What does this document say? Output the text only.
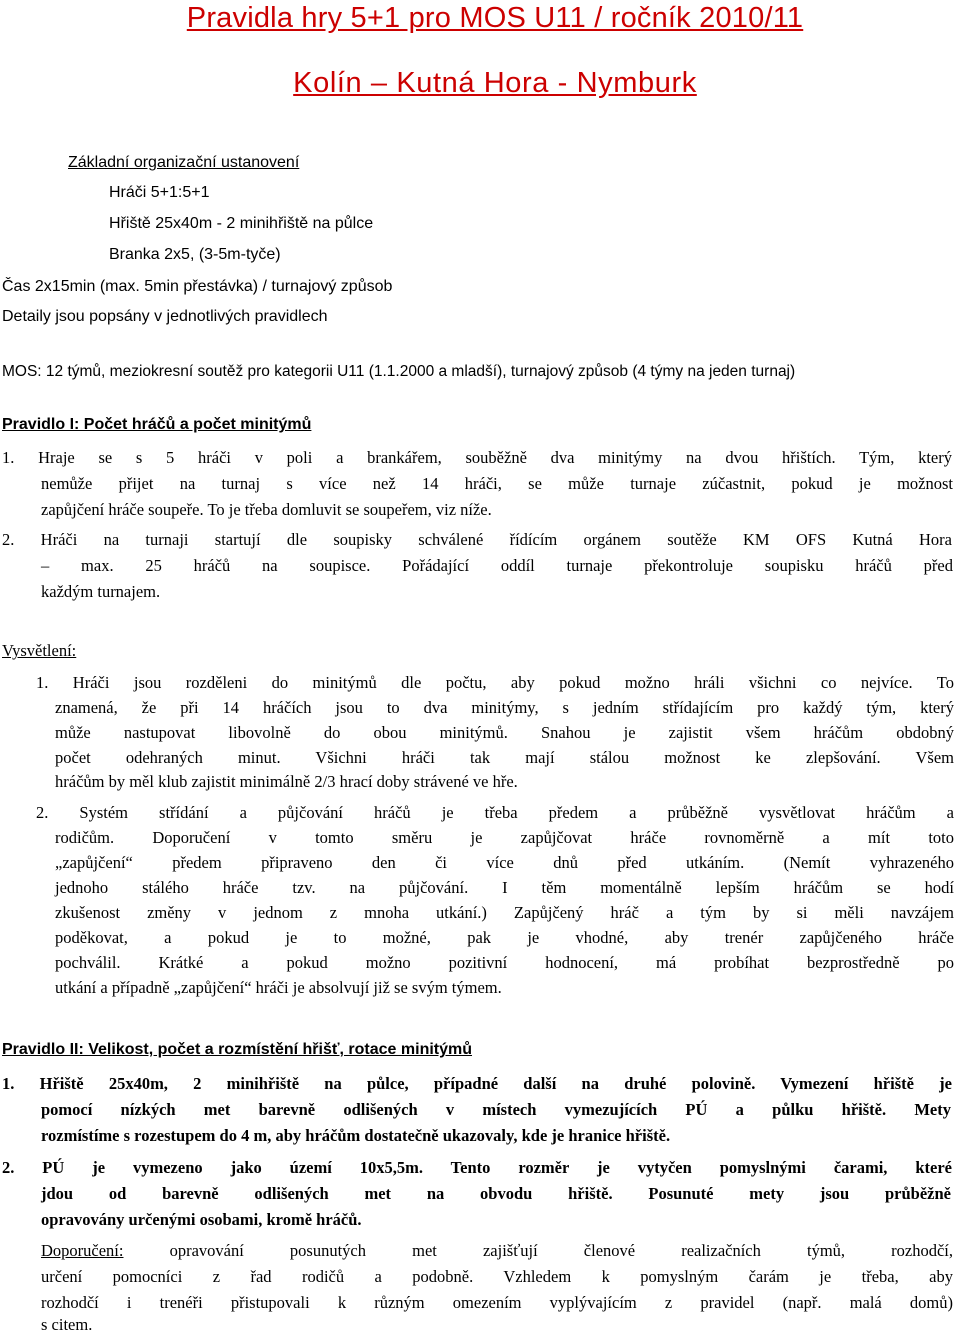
Pravidla hry 5+1 pro MOS U11 / ročník 2010/11
Kolín – Kutná Hora - Nymburk
Základní organizační ustanovení
Hráči 5+1:5+1
Hřiště 25x40m - 2 minihřiště na půlce
Branka 2x5, (3-5m-tyče)
Čas 2x15min (max. 5min přestávka) / turnajový způsob
Detaily jsou popsány v jednotlivých pravidlech
MOS: 12 týmů, meziokresní soutěž pro kategorii U11 (1.1.2000 a mladší), turnajový způsob (4 týmy na jeden turnaj)
Pravidlo I: Počet hráčů a počet minitýmů
1. Hraje se s 5 hráči v poli a brankářem, souběžně dva minitýmy na dvou hřištích. Tým, který
nemůže přijet na turnaj s více než 14 hráči, se může turnaje zúčastnit, pokud je možnost
zapůjčení hráče soupeře. To je třeba domluvit se soupeřem, viz níže.
2. Hráči na turnaji startují dle soupisky schválené řídícím orgánem soutěže KM OFS Kutná Hora
– max. 25 hráčů na soupisce. Pořádající oddíl turnaje překontroluje soupisku hráčů před
každým turnajem.
Vysvětlení:
1. Hráči jsou rozděleni do minitýmů dle počtu, aby pokud možno hráli všichni co nejvíce. To
znamená, že při 14 hráčích jsou to dva minitýmy, s jedním střídajícím pro každý tým, který
může nastupovat libovolně do obou minitýmů. Snahou je zajistit všem hráčům obdobný
počet odehraných minut. Všichni hráči tak mají stálou možnost ke zlepšování. Všem
hráčům by měl klub zajistit minimálně 2/3 hrací doby strávené ve hře.
2. Systém střídání a půjčování hráčů je třeba předem a průběžně vysvětlovat hráčům a
rodičům. Doporučení v tomto směru je zapůjčovat hráče rovnoměrně a mít toto
„zapůjčení“ předem připraveno den či více dnů před utkáním. (Nemít vyhrazeného
jednoho stálého hráče tzv. na půjčování. I těm momentálně lepším hráčům se hodí
zkušenost změny v jednom z mnoha utkání.) Zapůjčený hráč a tým by si měli navzájem
poděkovat, a pokud je to možné, pak je vhodné, aby trenér zapůjčeného hráče
pochválil. Krátké a pokud možno pozitivní hodnocení, má probíhat bezprostředně po
utkání a případně „zapůjčení“ hráči je absolvují již se svým týmem.
Pravidlo II: Velikost, počet a rozmístění hřišť, rotace minitýmů
1. Hřiště 25x40m, 2 minihřiště na půlce, případné další na druhé polovině. Vymezení hřiště je
pomocí nízkých met barevně odlišených v místech vymezujících PÚ a půlku hřiště. Mety
rozmístíme s rozestupem do 4 m, aby hráčům dostatečně ukazovaly, kde je hranice hřiště.
2. PÚ je vymezeno jako území 10x5,5m. Tento rozměr je vytyčen pomyslnými čarami, které
jdou od barevně odlišených met na obvodu hřiště. Posunuté mety jsou průběžně
opravovány určenými osobami, kromě hráčů.
Doporučení: opravování posunutých met zajišťují členové realizačních týmů, rozhodčí,
určení pomocníci z řad rodičů a podobně. Vzhledem k pomyslným čarám je třeba, aby
rozhodčí i trenéři přistupovali k různým omezením vyplývajícím z pravidel (např. malá domů)
s citem.
